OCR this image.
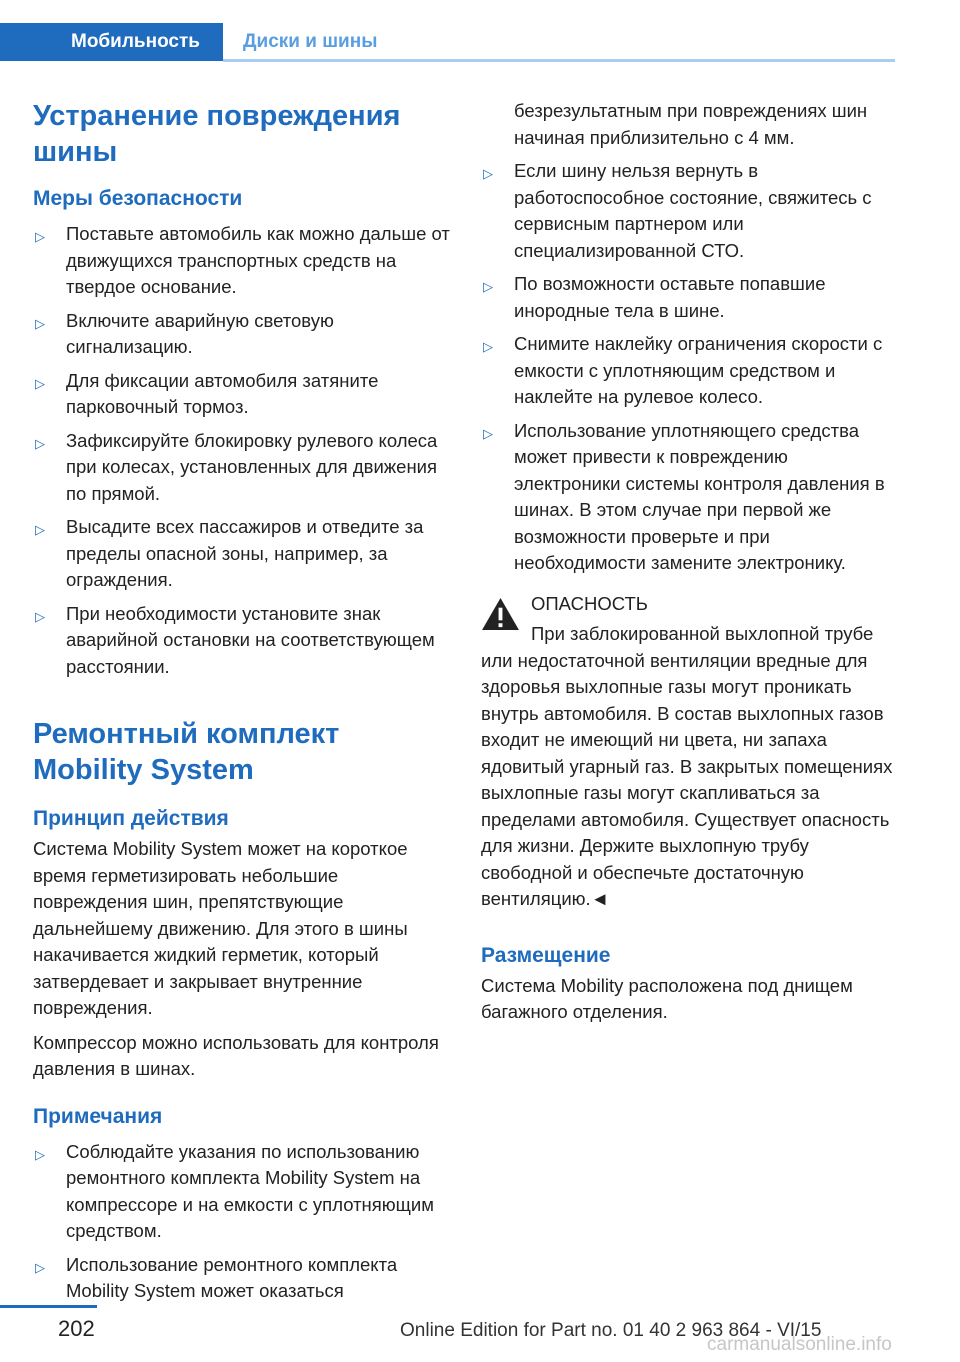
Мобильность	Диски и шины
Устранение повреждения шины
Меры безопасности
▷ Поставьте автомобиль как можно дальше от движущихся транспортных средств на твердое основание.
▷ Включите аварийную световую сигнализацию.
▷ Для фиксации автомобиля затяните парковочный тормоз.
▷ Зафиксируйте блокировку рулевого колеса при колесах, установленных для движения по прямой.
▷ Высадите всех пассажиров и отведите за пределы опасной зоны, например, за ограждения.
▷ При необходимости установите знак аварийной остановки на соответствующем расстоянии.
Ремонтный комплект Mobility System
Принцип действия

Система Mobility System может на короткое время герметизировать небольшие повреждения шин, препятствующие дальнейшему движению. Для этого в шины накачивается жидкий герметик, который затвердевает и закрывает внутренние повреждения.

Компрессор можно использовать для контроля давления в шинах.

Примечания
▷ Соблюдайте указания по использованию ремонтного комплекта Mobility System на компрессоре и на емкости с уплотняющим средством.
▷ Использование ремонтного комплекта Mobility System может оказаться

безрезультатным при повреждениях шин начиная приблизительно с 4 мм.

▷ Если шину нельзя вернуть в работоспособное состояние, свяжитесь с сервисным партнером или специализированной СТО.
▷ По возможности оставьте попавшие инородные тела в шине.
▷ Снимите наклейку ограничения скорости с емкости с уплотняющим средством и наклейте на рулевое колесо.
▷ Использование уплотняющего средства может привести к повреждению электроники системы контроля давления в шинах. В этом случае при первой же возможности проверьте и при необходимости замените электронику.
ОПАСНОСТЬ
При заблокированной выхлопной трубе или недостаточной вентиляции вредные для здоровья выхлопные газы могут проникать внутрь автомобиля. В состав выхлопных газов входит не имеющий ни цвета, ни запаха ядовитый угарный газ. В закрытых помещениях выхлопные газы могут скапливаться за пределами автомобиля. Существует опасность для жизни. Держите выхлопную трубу свободной и обеспечьте достаточную вентиляцию.◄
Размещение

Система Mobility расположена под днищем багажного отделения.

202	Online Edition for Part no. 01 40 2 963 864 - VI/15
carmanualsonline.info
